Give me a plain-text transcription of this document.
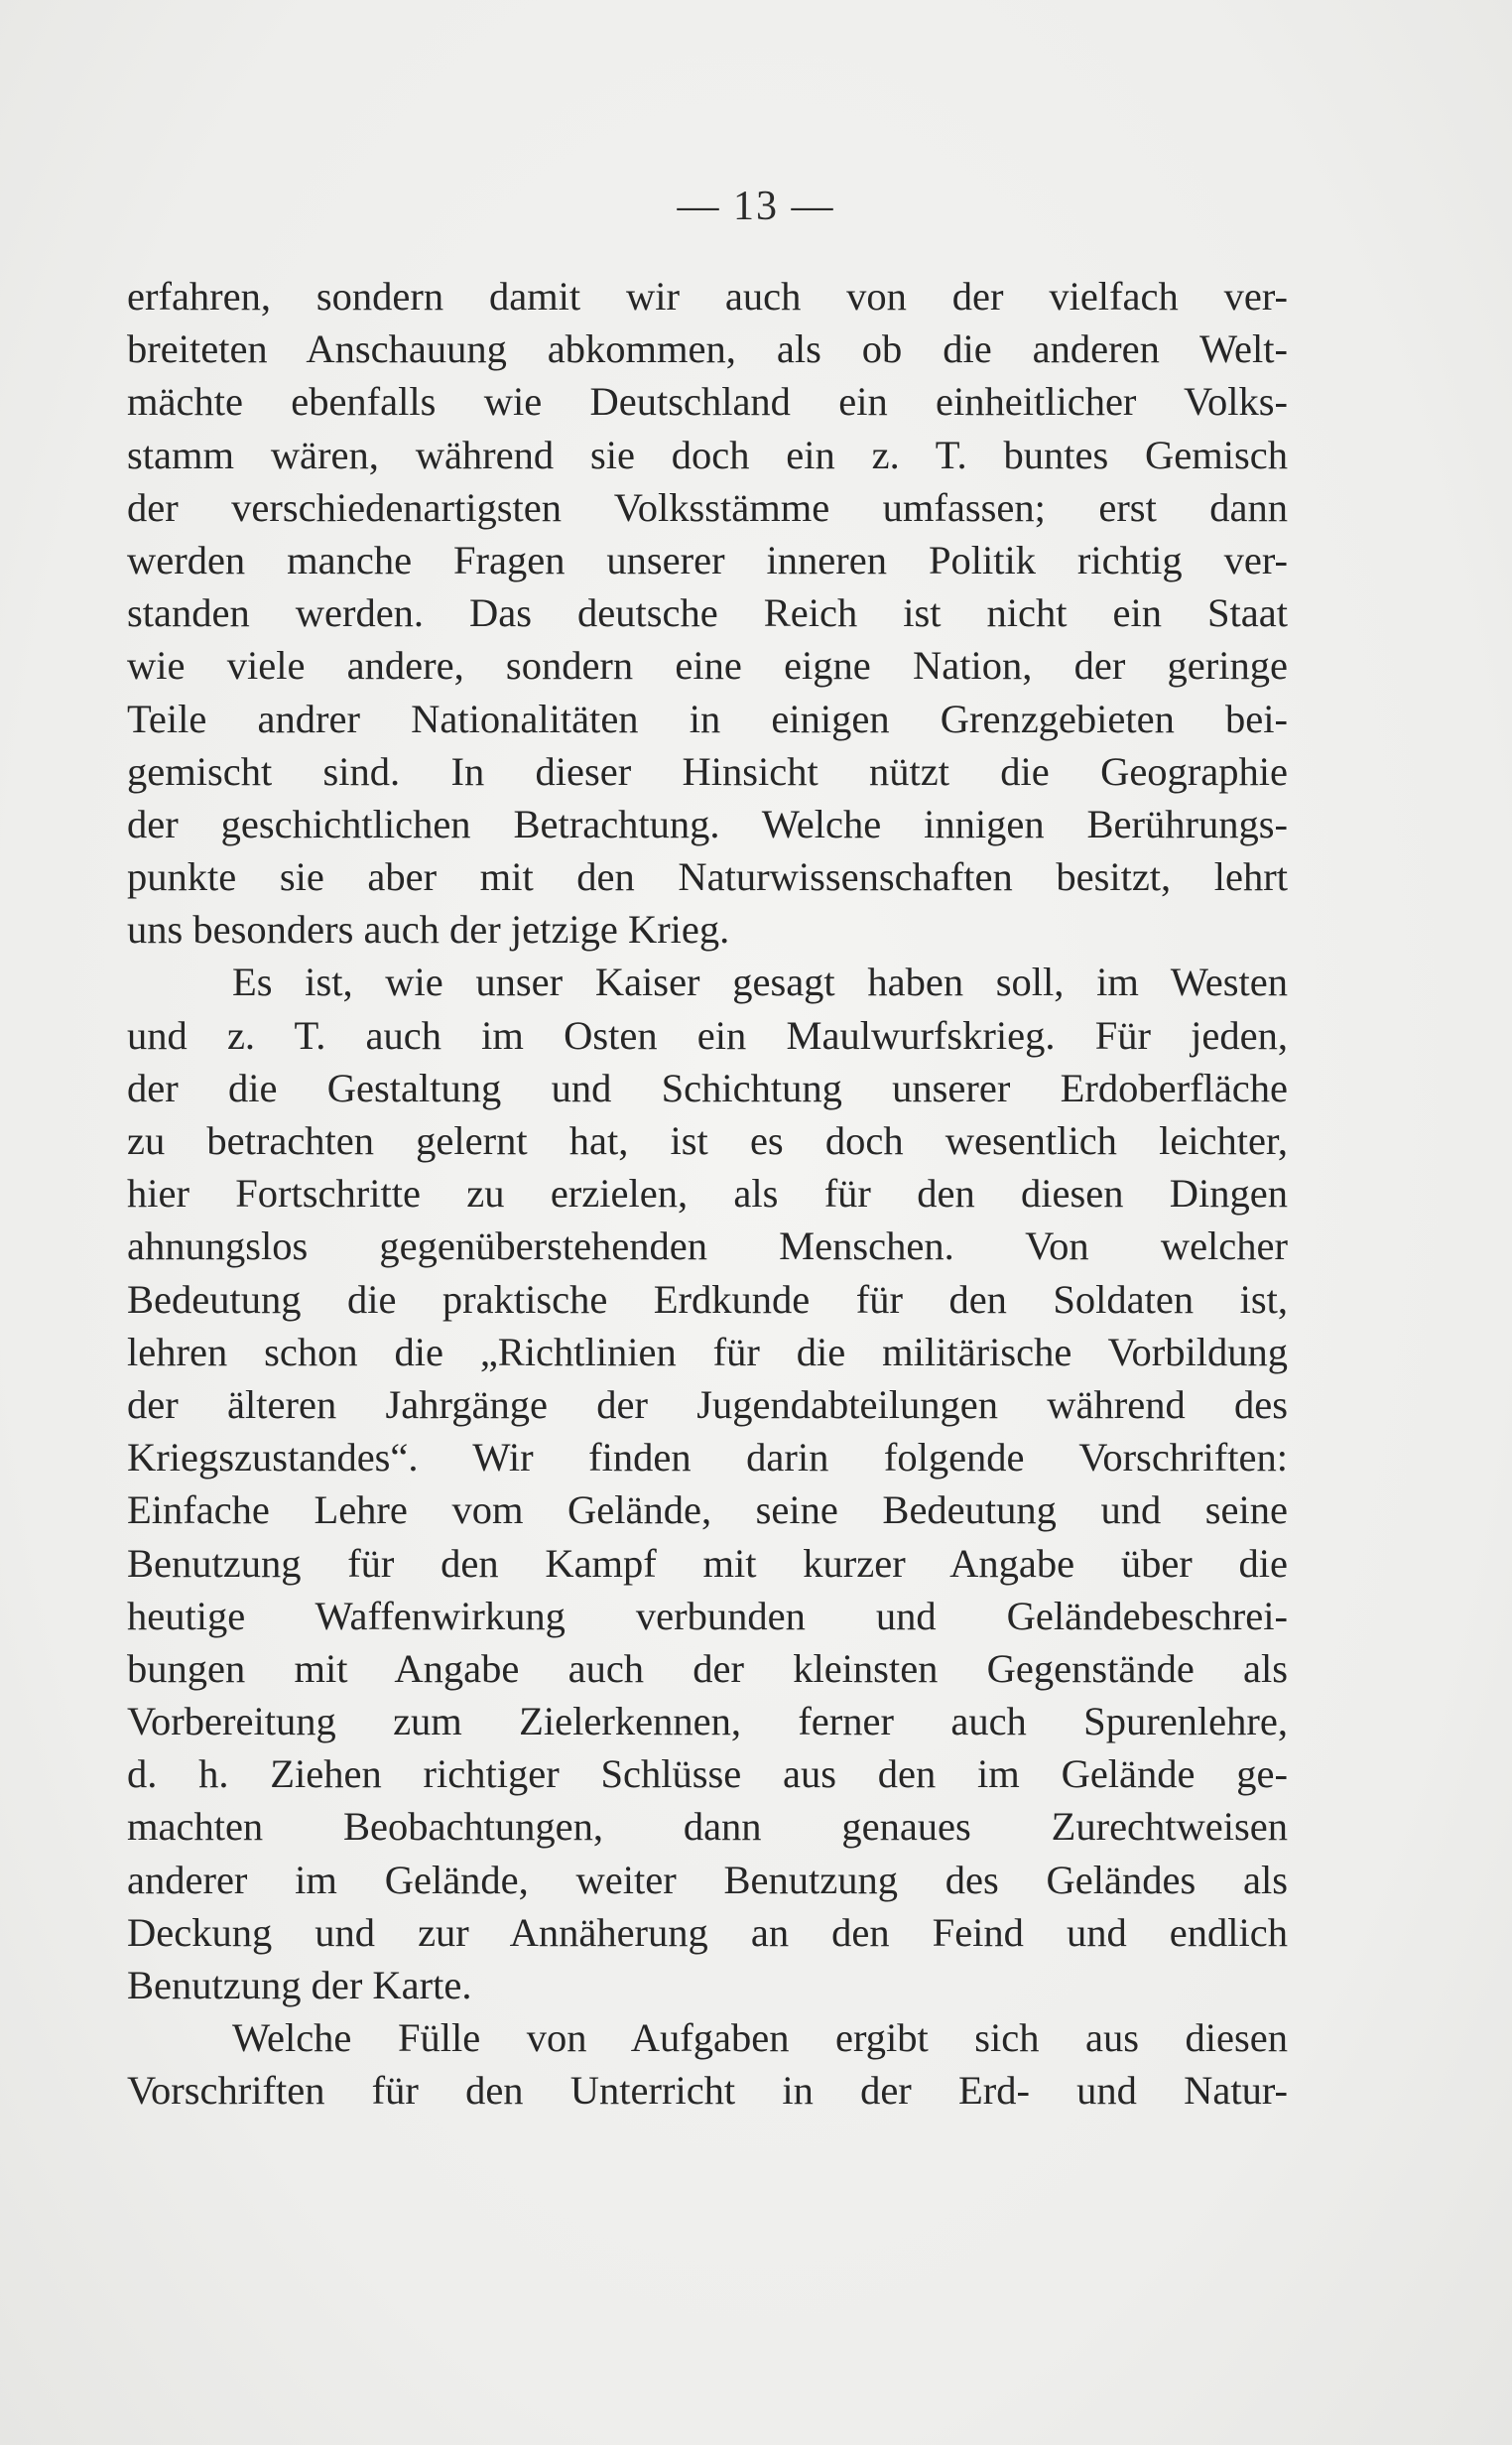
— 13 —
erfahren, sondern damit wir auch von der vielfach ver-
breiteten Anschauung abkommen, als ob die anderen Welt-
mächte ebenfalls wie Deutschland ein einheitlicher Volks-
stamm wären, während sie doch ein z. T. buntes Gemisch
der verschiedenartigsten Volksstämme umfassen; erst dann
werden manche Fragen unserer inneren Politik richtig ver-
standen werden. Das deutsche Reich ist nicht ein Staat
wie viele andere, sondern eine eigne Nation, der geringe
Teile andrer Nationalitäten in einigen Grenzgebieten bei-
gemischt sind. In dieser Hinsicht nützt die Geographie
der geschichtlichen Betrachtung. Welche innigen Berührungs-
punkte sie aber mit den Naturwissenschaften besitzt, lehrt
uns besonders auch der jetzige Krieg.
Es ist, wie unser Kaiser gesagt haben soll, im Westen
und z. T. auch im Osten ein Maulwurfskrieg. Für jeden,
der die Gestaltung und Schichtung unserer Erdoberfläche
zu betrachten gelernt hat, ist es doch wesentlich leichter,
hier Fortschritte zu erzielen, als für den diesen Dingen
ahnungslos gegenüberstehenden Menschen. Von welcher
Bedeutung die praktische Erdkunde für den Soldaten ist,
lehren schon die „Richtlinien für die militärische Vorbildung
der älteren Jahrgänge der Jugendabteilungen während des
Kriegszustandes“. Wir finden darin folgende Vorschriften:
Einfache Lehre vom Gelände, seine Bedeutung und seine
Benutzung für den Kampf mit kurzer Angabe über die
heutige Waffenwirkung verbunden und Geländebeschrei-
bungen mit Angabe auch der kleinsten Gegenstände als
Vorbereitung zum Zielerkennen, ferner auch Spurenlehre,
d. h. Ziehen richtiger Schlüsse aus den im Gelände ge-
machten Beobachtungen, dann genaues Zurechtweisen
anderer im Gelände, weiter Benutzung des Geländes als
Deckung und zur Annäherung an den Feind und endlich
Benutzung der Karte.
Welche Fülle von Aufgaben ergibt sich aus diesen
Vorschriften für den Unterricht in der Erd- und Natur-
